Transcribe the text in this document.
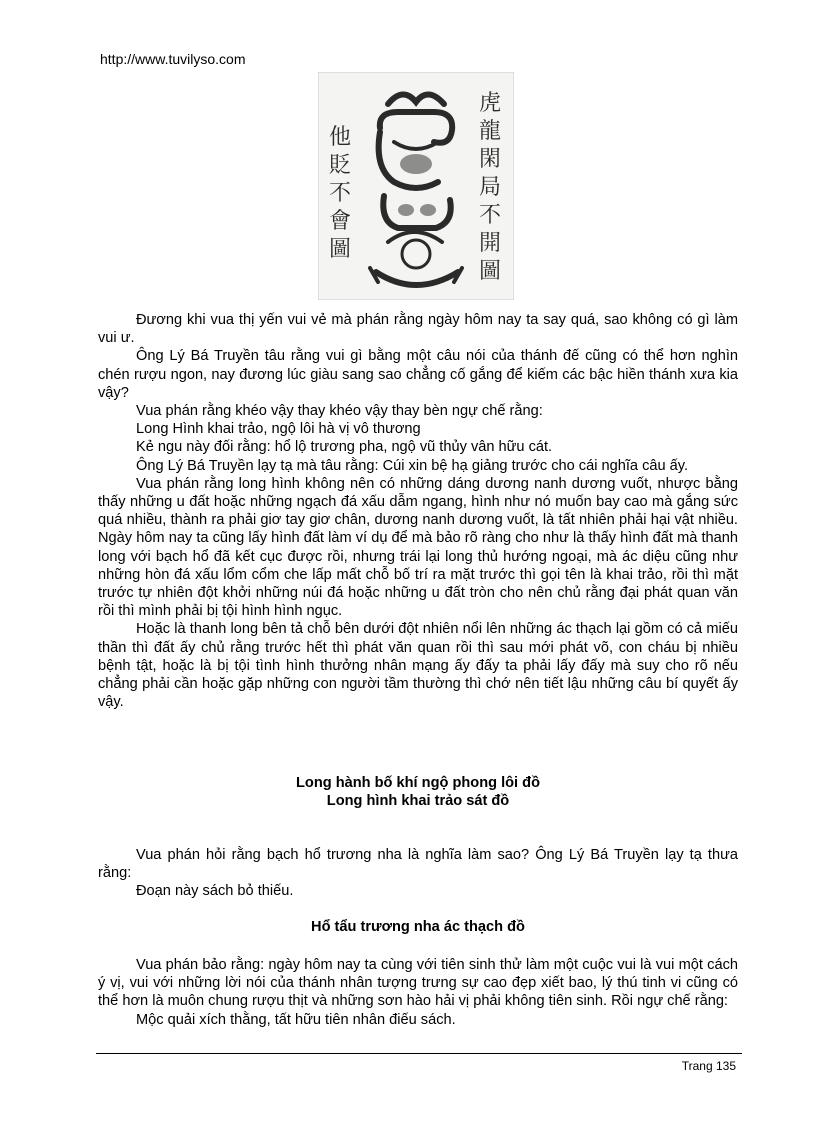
http://www.tuvilyso.com
虎
龍
閑
局
不
開
圖
他
貶
不
會
圖

Đương khi vua thị yến vui vẻ mà phán rằng ngày hôm nay ta say quá, sao không có gì làm vui ư.

Ông Lý Bá Truyền tâu rằng vui gì bằng một câu nói của thánh đế cũng có thể hơn nghìn chén rượu ngon, nay đương lúc giàu sang sao chẳng cố gắng để kiếm các bậc hiền thánh xưa kia vậy?

Vua phán rằng khéo vậy thay khéo vậy thay bèn ngự chế rằng:

Long Hình khai trảo, ngộ lôi hà vị vô thương

Kẻ ngu này đối rằng: hổ lộ trương pha, ngộ vũ thủy vân hữu cát.

Ông Lý Bá Truyền lạy tạ mà tâu rằng: Cúi xin bệ hạ giảng trước cho cái nghĩa câu ấy.

Vua phán rằng long hình không nên có những dáng dương nanh dương vuốt, nhược bằng thấy những u đất hoặc những ngạch đá xấu dẫm ngang, hình như nó muốn bay cao mà gắng sức quá nhiều, thành ra phải giơ tay giơ chân, dương nanh dương vuốt, là tất nhiên phải hại vật nhiều. Ngày hôm nay ta cũng lấy hình đất làm ví dụ để mà bảo rõ ràng cho như là thấy hình đất mà thanh long với bạch hổ đã kết cục được rồi, nhưng trái lại long thủ hướng ngoại, mà ác diệu cũng như những hòn đá xấu lổm cổm che lấp mất chỗ bố trí ra mặt trước thì gọi tên là khai trảo, rồi thì mặt trước tự nhiên đột khởi những núi đá hoặc những u đất tròn cho nên chủ rằng đại phát quan văn rồi thì mình phải bị tội hình hình ngục.

Hoặc là thanh long bên tả chỗ bên dưới đột nhiên nổi lên những ác thạch lại gồm có cả miếu thần thì đất ấy chủ rằng trước hết thì phát văn quan rồi thì sau mới phát võ, con cháu bị nhiều bệnh tật, hoặc là bị tội tình hình thưởng nhân mạng ấy đấy ta phải lấy đấy mà suy cho rõ nếu chẳng phải cần hoặc gặp những con người tầm thường thì chớ nên tiết lậu những câu bí quyết ấy vậy.

Long hành bố khí ngộ phong lôi đồ
Long hình khai trảo sát đồ

Vua phán hỏi rằng bạch hổ trương nha là nghĩa làm sao? Ông Lý Bá Truyền lạy tạ thưa rằng:

Đoạn này sách bỏ thiếu.

Hổ tẩu trương nha ác thạch đồ

Vua phán bảo rằng: ngày hôm nay ta cùng với tiên sinh thử làm một cuộc vui là vui một cách ý vị, vui với những lời nói của thánh nhân tượng trưng sự cao đẹp xiết bao, lý thú tinh vi cũng có thể hơn là muôn chung rượu thịt và những sơn hào hải vị phải không tiên sinh. Rồi ngự chế rằng:

Mộc quải xích thằng, tất hữu tiên nhân điếu sách.

Trang 135
